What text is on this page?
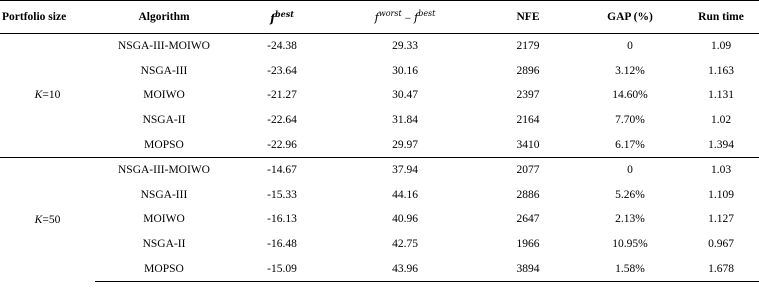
Portfolio size	Algorithm	$f^{best}$	$f^{worst} - f^{best}$	NFE	GAP (%)	Run time
K=10	NSGA-III-MOIWO	-24.38	29.33	2179	0	1.09
	NSGA-III	-23.64	30.16	2896	3.12%	1.163
	MOIWO	-21.27	30.47	2397	14.60%	1.131
	NSGA-II	-22.64	31.84	2164	7.70%	1.02
	MOPSO	-22.96	29.97	3410	6.17%	1.394
K=50	NSGA-III-MOIWO	-14.67	37.94	2077	0	1.03
	NSGA-III	-15.33	44.16	2886	5.26%	1.109
	MOIWO	-16.13	40.96	2647	2.13%	1.127
	NSGA-II	-16.48	42.75	1966	10.95%	0.967
	MOPSO	-15.09	43.96	3894	1.58%	1.678
